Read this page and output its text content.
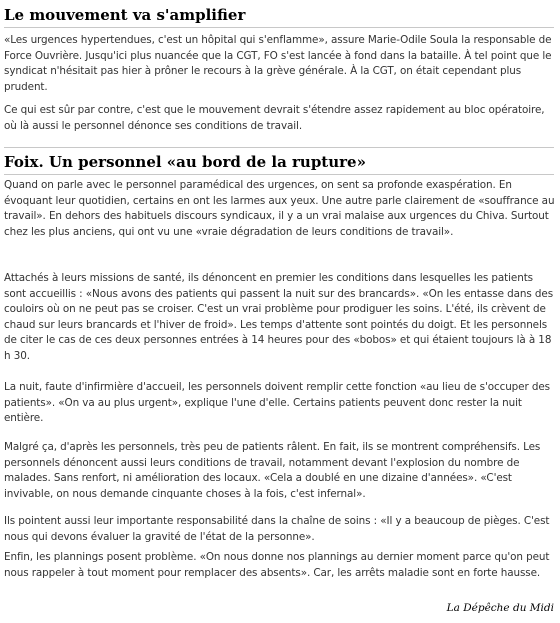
Le mouvement va s'amplifier

«Les urgences hypertendues, c'est un hôpital qui s'enflamme», assure Marie-Odile Soula la responsable de Force Ouvrière. Jusqu'ici plus nuancée que la CGT, FO s'est lancée à fond dans la bataille. À tel point que le syndicat n'hésitait pas hier à prôner le recours à la grève générale. À la CGT, on était cependant plus prudent.

Ce qui est sûr par contre, c'est que le mouvement devrait s'étendre assez rapidement au bloc opératoire, où là aussi le personnel dénonce ses conditions de travail.

Foix. Un personnel «au bord de la rupture»

Quand on parle avec le personnel paramédical des urgences, on sent sa profonde exaspération. En évoquant leur quotidien, certains en ont les larmes aux yeux. Une autre parle clairement de «souffrance au travail». En dehors des habituels discours syndicaux, il y a un vrai malaise aux urgences du Chiva. Surtout chez les plus anciens, qui ont vu une «vraie dégradation de leurs conditions de travail».

Attachés à leurs missions de santé, ils dénoncent en premier les conditions dans lesquelles les patients sont accueillis : «Nous avons des patients qui passent la nuit sur des brancards». «On les entasse dans des couloirs où on ne peut pas se croiser. C'est un vrai problème pour prodiguer les soins. L'été, ils crèvent de chaud sur leurs brancards et l'hiver de froid». Les temps d'attente sont pointés du doigt. Et les personnels de citer le cas de ces deux personnes entrées à 14 heures pour des «bobos» et qui étaient toujours là à 18 h 30.

La nuit, faute d'infirmière d'accueil, les personnels doivent remplir cette fonction «au lieu de s'occuper des patients». «On va au plus urgent», explique l'une d'elle. Certains patients peuvent donc rester la nuit entière.

Malgré ça, d'après les personnels, très peu de patients râlent. En fait, ils se montrent compréhensifs. Les personnels dénoncent aussi leurs conditions de travail, notamment devant l'explosion du nombre de malades. Sans renfort, ni amélioration des locaux. «Cela a doublé en une dizaine d'années». «C'est invivable, on nous demande cinquante choses à la fois, c'est infernal».

Ils pointent aussi leur importante responsabilité dans la chaîne de soins : «Il y a beaucoup de pièges. C'est nous qui devons évaluer la gravité de l'état de la personne».

Enfin, les plannings posent problème. «On nous donne nos plannings au dernier moment parce qu'on peut nous rappeler à tout moment pour remplacer des absents». Car, les arrêts maladie sont en forte hausse.

La Dépêche du Midi
